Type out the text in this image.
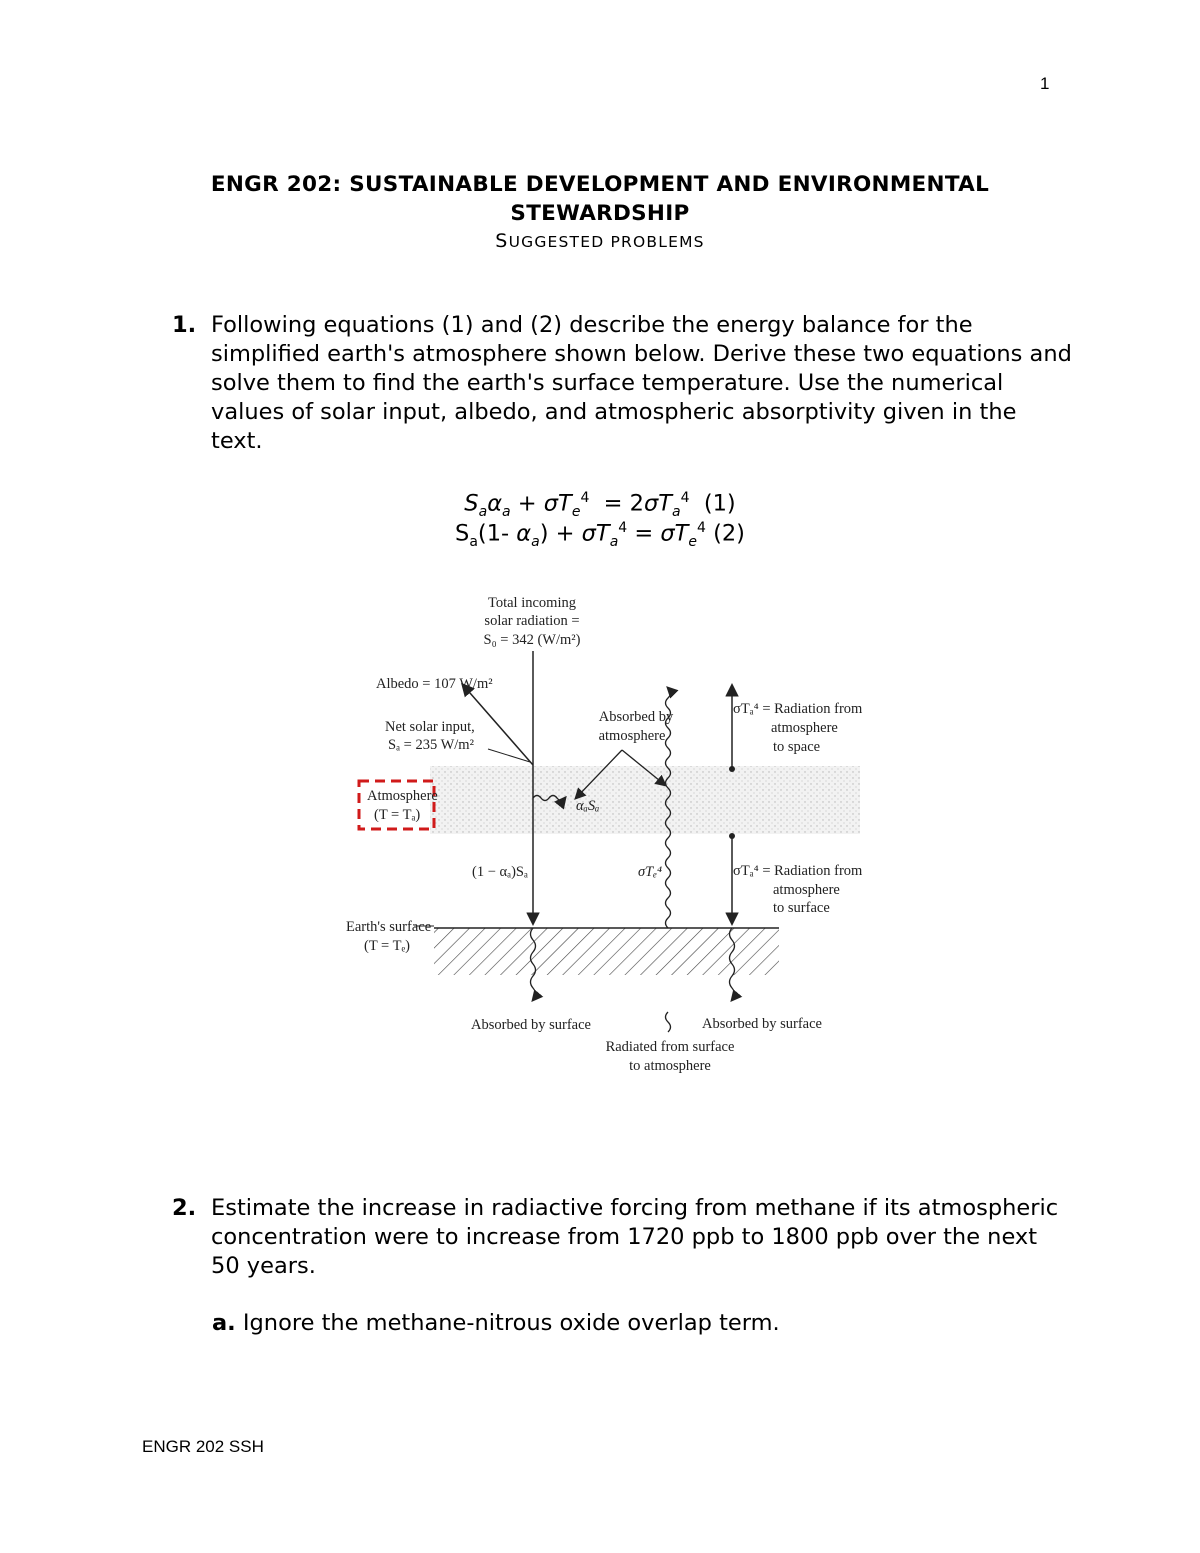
1
ENGR 202: SUSTAINABLE DEVELOPMENT AND ENVIRONMENTAL
STEWARDSHIP
SUGGESTED PROBLEMS
1. Following equations (1) and (2) describe the energy balance for the simplified earth's atmosphere shown below. Derive these two equations and solve them to find the earth's surface temperature. Use the numerical values of solar input, albedo, and atmospheric absorptivity given in the text.
$S_a\alpha_a + \sigma T_e^4 = 2\sigma T_a^4$  (1)
$S_a(1-$ $\alpha_a) + \sigma T_a^4 = \sigma T_e^4$ (2)
Total incoming
solar radiation =
S₀ = 342 (W/m²)
Albedo = 107 W/m²
Net solar input,
Sₐ = 235 W/m²
Absorbed by
atmosphere
Atmosphere
(T = Tₐ)
αₐSₐ
(1 − αₐ)Sₐ	σTₑ⁴
σTₐ⁴ = Radiation from
atmosphere
to space
σTₐ⁴ = Radiation from
atmosphere
to surface
Earth's surface
(T = Tₑ)
Absorbed by surface	Absorbed by surface
Radiated from surface
to atmosphere
2. Estimate the increase in radiactive forcing from methane if its atmospheric concentration were to increase from 1720 ppb to 1800 ppb over the next 50 years.
a. Ignore the methane-nitrous oxide overlap term.
ENGR 202 SSH
